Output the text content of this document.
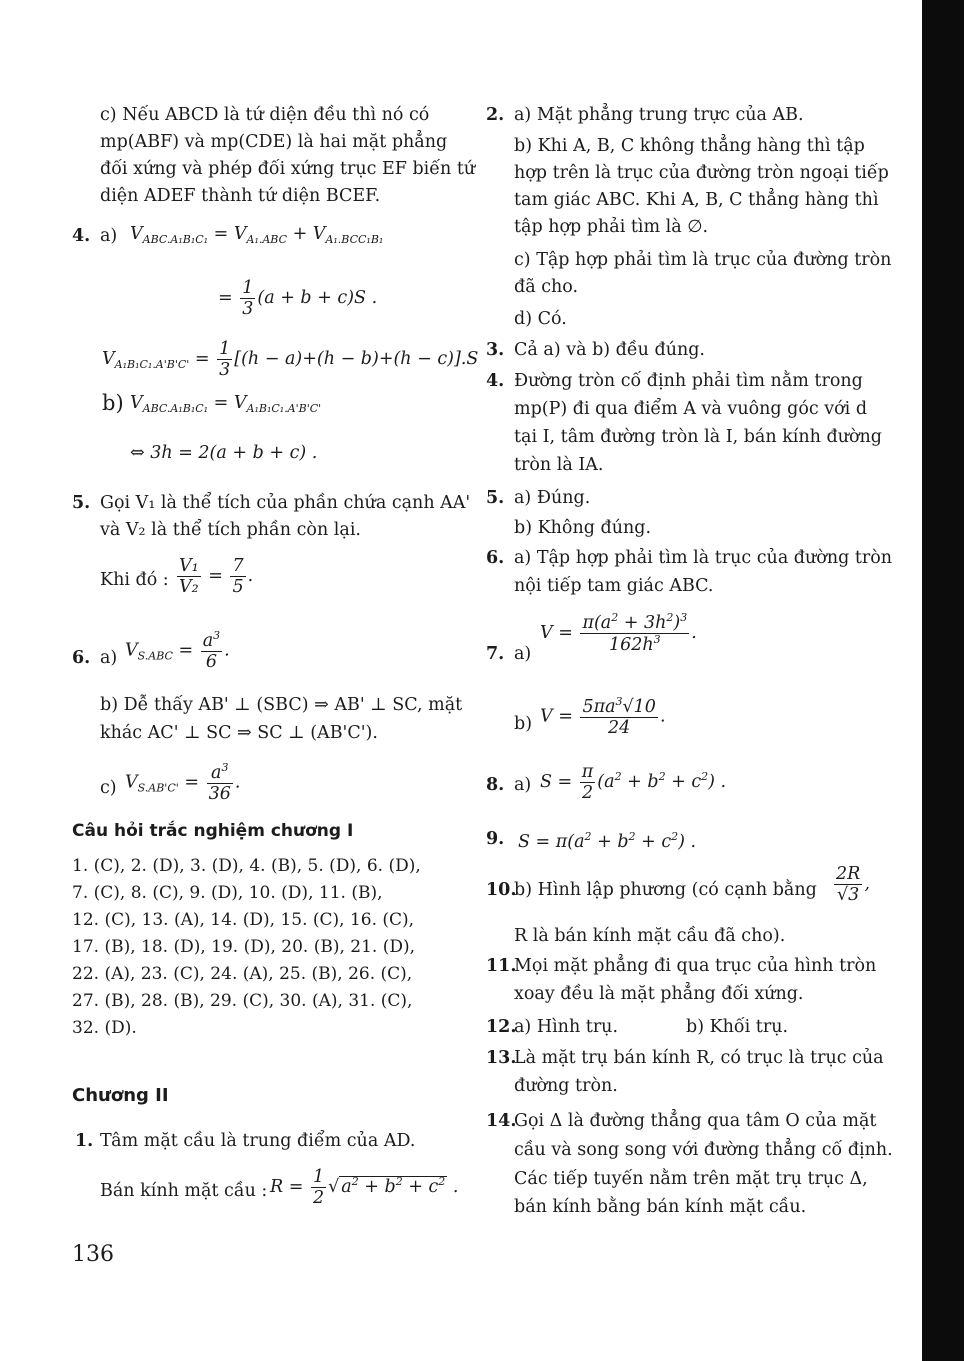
c) Nếu ABCD là tứ diện đều thì nó có
mp(ABF) và mp(CDE) là hai mặt phẳng
đối xứng và phép đối xứng trục EF biến tứ
diện ADEF thành tứ diện BCEF.
4. a) $V_{ABC.A_1B_1C_1} = V_{A_1.ABC} + V_{A_1.BCC_1B_1}$
= $\frac{1}{3} (a + b + c)S$ .
$V_{A_1B_1C_1.A'B'C'} = \frac{1}{3} [(h - a)+(h - b)+(h - c)].S$
b) $V_{ABC.A_1B_1C_1} = V_{A_1B_1C_1.A'B'C'}$
⇔ 3h = 2(a + b + c) .
5. Gọi V₁ là thể tích của phần chứa cạnh AA'
và V₂ là thể tích phần còn lại.
Khi đó : $\frac{\text{V₁}}{\text{V₂}} = \frac{7}{5}$ .
6. a) $V_{S.ABC} = \frac{a^3}{6}$ .
b) Dễ thấy AB' ⊥ (SBC) ⇒ AB' ⊥ SC, mặt
khác AC' ⊥ SC ⇒ SC ⊥ (AB'C').
c) $V_{S.AB'C'} = \frac{a^3}{36}$ .
Câu hỏi trắc nghiệm chương I
1. (C), 2. (D), 3. (D), 4. (B), 5. (D), 6. (D),
7. (C), 8. (C), 9. (D), 10. (D), 11. (B),
12. (C), 13. (A), 14. (D), 15. (C), 16. (C),
17. (B), 18. (D), 19. (D), 20. (B), 21. (D),
22. (A), 23. (C), 24. (A), 25. (B), 26. (C),
27. (B), 28. (B), 29. (C), 30. (A), 31. (C),
32. (D).
Chương II
1. Tâm mặt cầu là trung điểm của AD.
Bán kính mặt cầu : $R = \frac{1}{2}$ √ $a^2 + b^2 + c^2$ .
136
2. a) Mặt phẳng trung trực của AB.
b) Khi A, B, C không thẳng hàng thì tập
hợp trên là trục của đường tròn ngoại tiếp
tam giác ABC. Khi A, B, C thẳng hàng thì
tập hợp phải tìm là ∅.
c) Tập hợp phải tìm là trục của đường tròn
đã cho.
d) Có.
3. Cả a) và b) đều đúng.
4. Đường tròn cố định phải tìm nằm trong
mp(P) đi qua điểm A và vuông góc với d
tại I, tâm đường tròn là I, bán kính đường
tròn là IA.
5. a) Đúng.
b) Không đúng.
6. a) Tập hợp phải tìm là trục của đường tròn
nội tiếp tam giác ABC.
7. a)
$V = \frac{\pi(a^2 + 3h^2)^3}{162h^3}$ .
b) $V = \frac{5\pi a^3√10}{24}$ .
8. a) $S = \frac{\pi}{2} (a^2 + b^2 + c^2)$ .
9. $S = \pi(a^2 + b^2 + c^2)$ .
10.
b) Hình lập phương (có cạnh bằng $\frac{2R}{√3}$ ,
R là bán kính mặt cầu đã cho).
11.
Mọi mặt phẳng đi qua trục của hình tròn
xoay đều là mặt phẳng đối xứng.
12.
a) Hình trụ.	b) Khối trụ.
13.
Là mặt trụ bán kính R, có trục là trục của
đường tròn.
14.
Gọi Δ là đường thẳng qua tâm O của mặt
cầu và song song với đường thẳng cố định.
Các tiếp tuyến nằm trên mặt trụ trục Δ,
bán kính bằng bán kính mặt cầu.
